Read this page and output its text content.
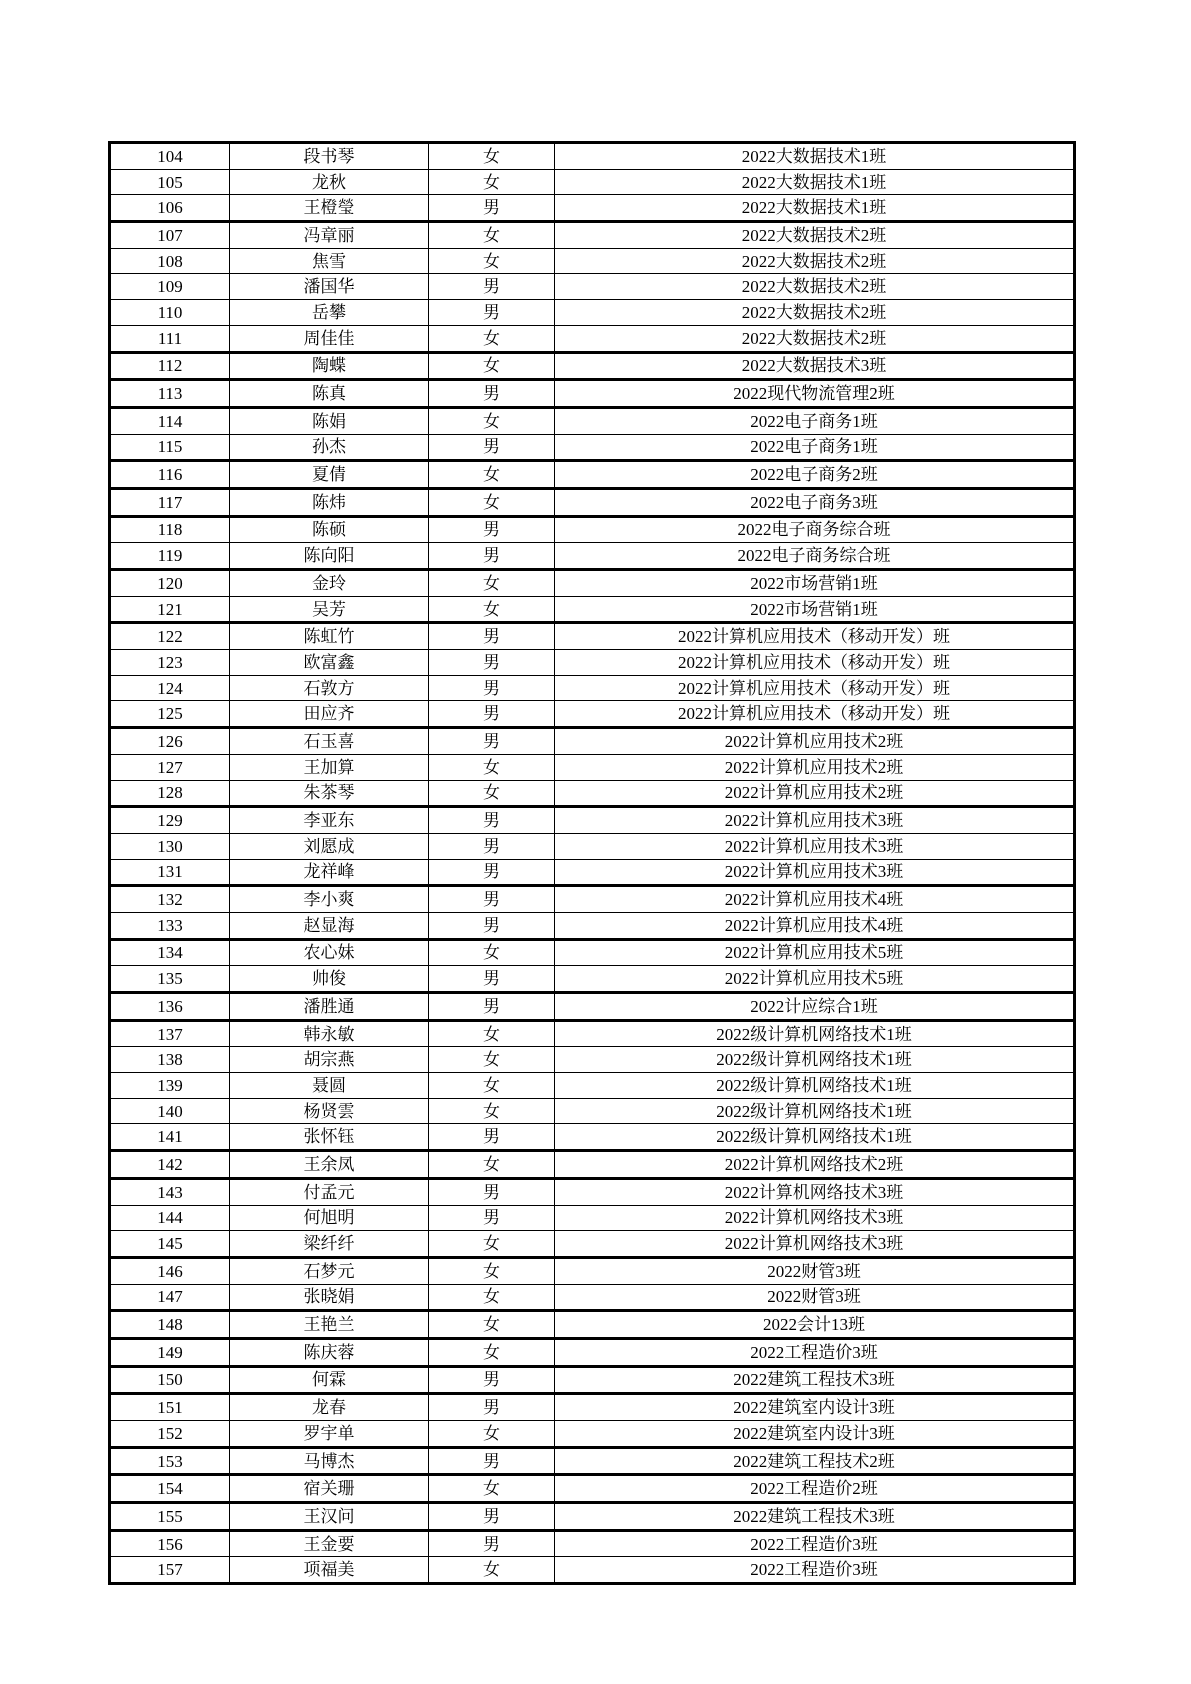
104	段书琴	女	2022大数据技术1班
105	龙秋	女	2022大数据技术1班
106	王橙瑩	男	2022大数据技术1班
107	冯章丽	女	2022大数据技术2班
108	焦雪	女	2022大数据技术2班
109	潘国华	男	2022大数据技术2班
110	岳攀	男	2022大数据技术2班
111	周佳佳	女	2022大数据技术2班
112	陶蝶	女	2022大数据技术3班
113	陈真	男	2022现代物流管理2班
114	陈娟	女	2022电子商务1班
115	孙杰	男	2022电子商务1班
116	夏倩	女	2022电子商务2班
117	陈炜	女	2022电子商务3班
118	陈硕	男	2022电子商务综合班
119	陈向阳	男	2022电子商务综合班
120	金玲	女	2022市场营销1班
121	吴芳	女	2022市场营销1班
122	陈虹竹	男	2022计算机应用技术（移动开发）班
123	欧富鑫	男	2022计算机应用技术（移动开发）班
124	石敦方	男	2022计算机应用技术（移动开发）班
125	田应齐	男	2022计算机应用技术（移动开发）班
126	石玉喜	男	2022计算机应用技术2班
127	王加算	女	2022计算机应用技术2班
128	朱茶琴	女	2022计算机应用技术2班
129	李亚东	男	2022计算机应用技术3班
130	刘愿成	男	2022计算机应用技术3班
131	龙祥峰	男	2022计算机应用技术3班
132	李小爽	男	2022计算机应用技术4班
133	赵显海	男	2022计算机应用技术4班
134	农心妹	女	2022计算机应用技术5班
135	帅俊	男	2022计算机应用技术5班
136	潘胜通	男	2022计应综合1班
137	韩永敏	女	2022级计算机网络技术1班
138	胡宗燕	女	2022级计算机网络技术1班
139	聂圆	女	2022级计算机网络技术1班
140	杨贤雲	女	2022级计算机网络技术1班
141	张怀钰	男	2022级计算机网络技术1班
142	王余凤	女	2022计算机网络技术2班
143	付孟元	男	2022计算机网络技术3班
144	何旭明	男	2022计算机网络技术3班
145	梁纤纤	女	2022计算机网络技术3班
146	石梦元	女	2022财管3班
147	张晓娟	女	2022财管3班
148	王艳兰	女	2022会计13班
149	陈庆蓉	女	2022工程造价3班
150	何霖	男	2022建筑工程技术3班
151	龙春	男	2022建筑室内设计3班
152	罗宇单	女	2022建筑室内设计3班
153	马博杰	男	2022建筑工程技术2班
154	宿关珊	女	2022工程造价2班
155	王汉问	男	2022建筑工程技术3班
156	王金要	男	2022工程造价3班
157	项福美	女	2022工程造价3班
